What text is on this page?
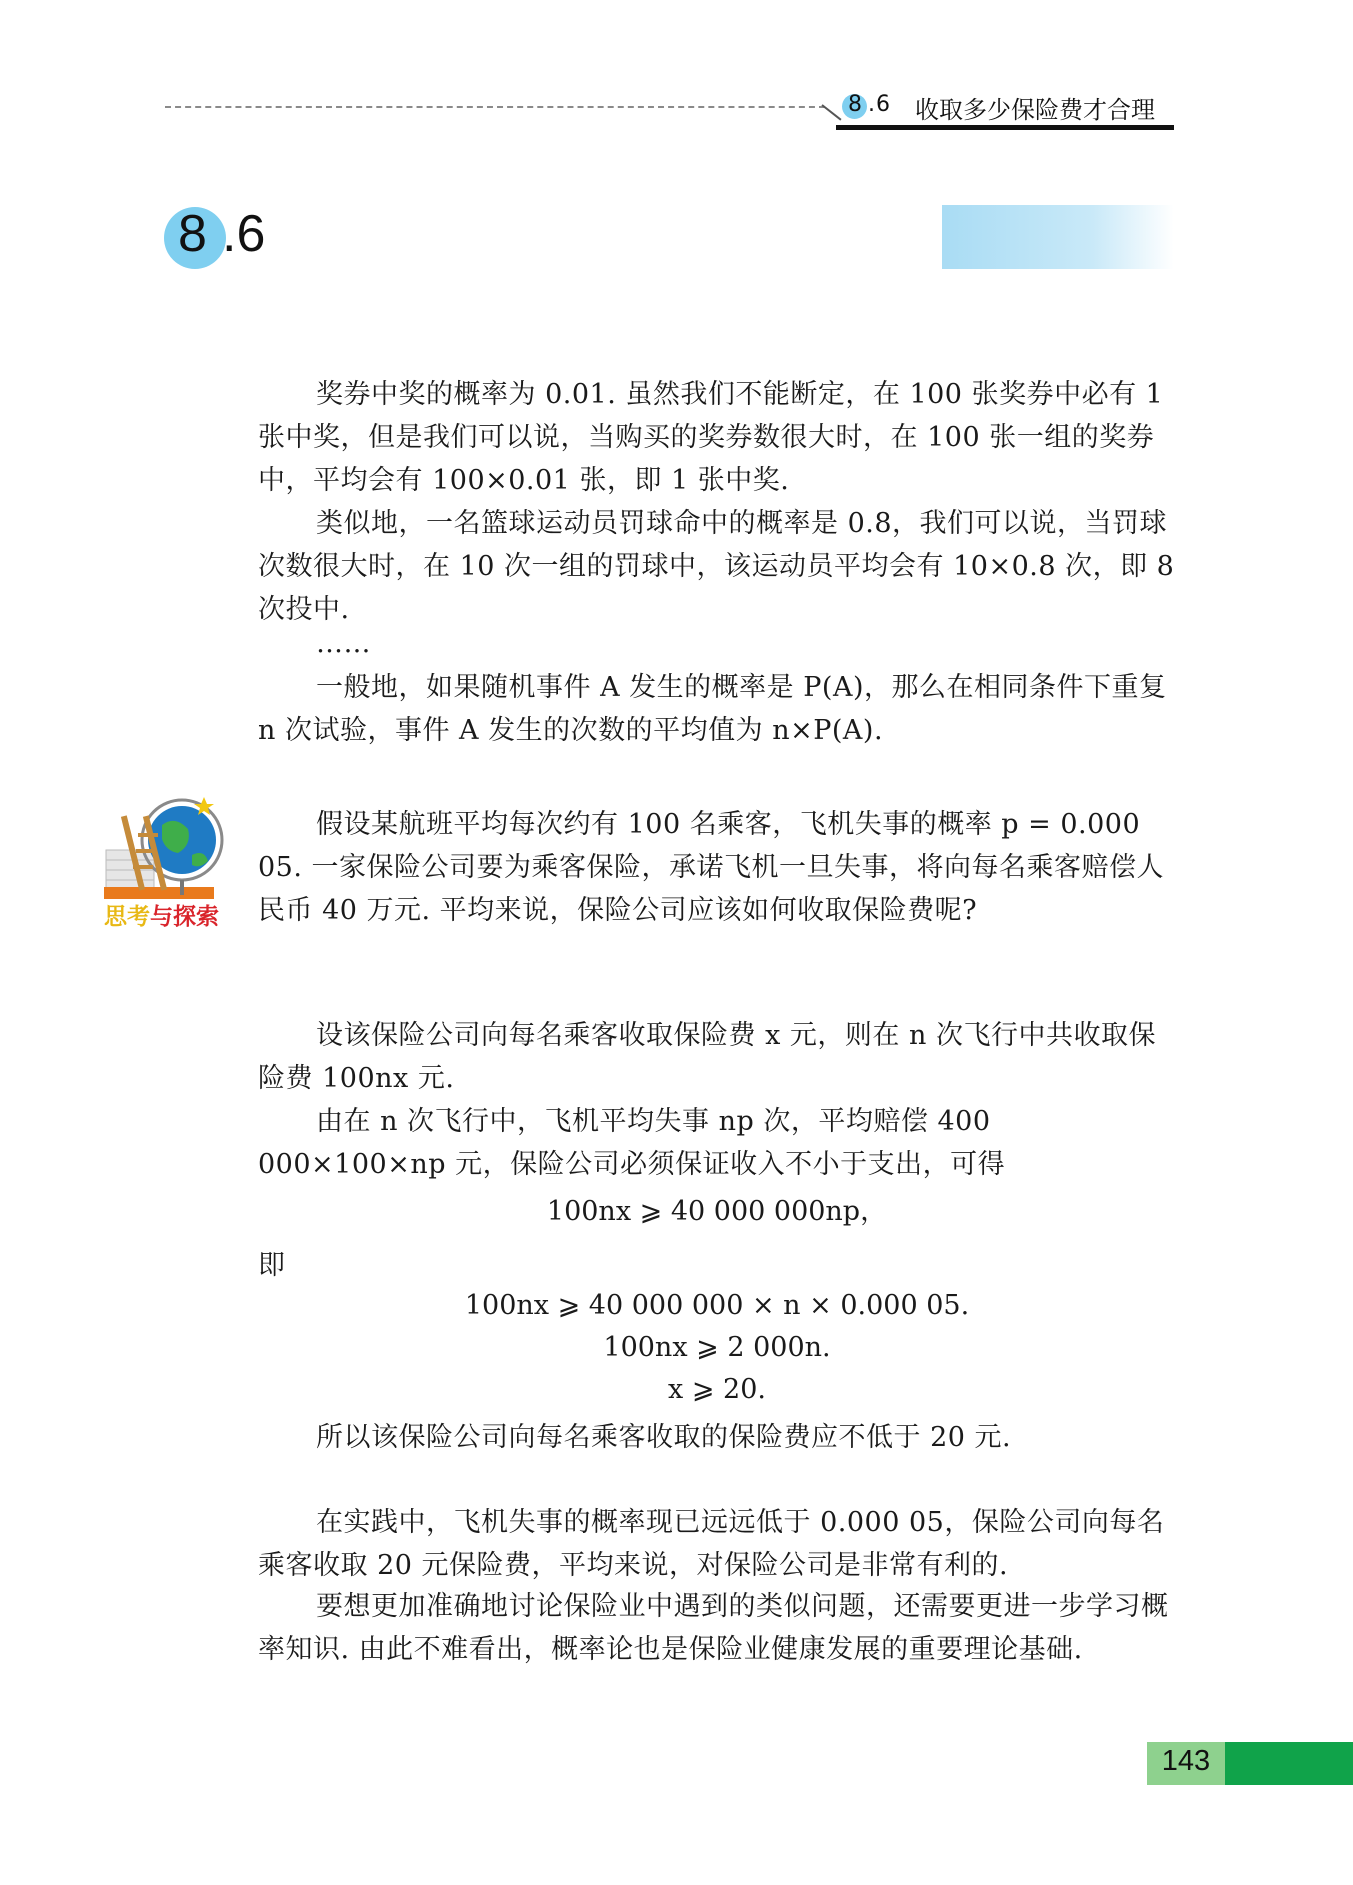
8 .6 收取多少保险费才合理
8 .6

奖券中奖的概率为 0.01. 虽然我们不能断定，在 100 张奖券中必有 1 张中奖，但是我们可以说，当购买的奖券数很大时，在 100 张一组的奖券中，平均会有 100×0.01 张，即 1 张中奖.

类似地，一名篮球运动员罚球命中的概率是 0.8，我们可以说，当罚球次数很大时，在 10 次一组的罚球中，该运动员平均会有 10×0.8 次，即 8 次投中.

……

一般地，如果随机事件 A 发生的概率是 P(A)，那么在相同条件下重复 n 次试验，事件 A 发生的次数的平均值为 n×P(A).

思考与探索

假设某航班平均每次约有 100 名乘客，飞机失事的概率 p = 0.000 05. 一家保险公司要为乘客保险，承诺飞机一旦失事，将向每名乘客赔偿人民币 40 万元. 平均来说，保险公司应该如何收取保险费呢?

设该保险公司向每名乘客收取保险费 x 元，则在 n 次飞行中共收取保险费 100nx 元.

由在 n 次飞行中，飞机平均失事 np 次，平均赔偿 400 000×100×np 元，保险公司必须保证收入不小于支出，可得

100nx ⩾ 40 000 000np，

即

100nx ⩾ 40 000 000 × n × 0.000 05.

100nx ⩾ 2 000n.

x ⩾ 20.

所以该保险公司向每名乘客收取的保险费应不低于 20 元.

在实践中，飞机失事的概率现已远远低于 0.000 05，保险公司向每名乘客收取 20 元保险费，平均来说，对保险公司是非常有利的.

要想更加准确地讨论保险业中遇到的类似问题，还需要更进一步学习概率知识. 由此不难看出，概率论也是保险业健康发展的重要理论基础.

143
